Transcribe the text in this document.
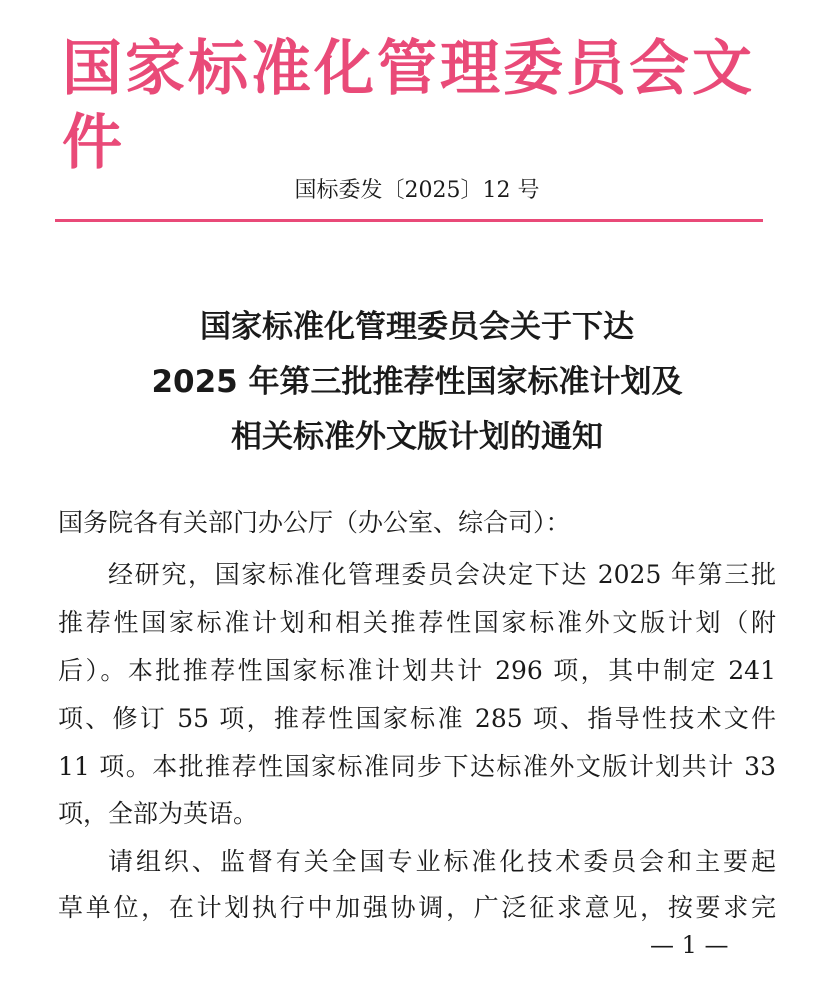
国家标准化管理委员会文件
国标委发〔2025〕12 号
国家标准化管理委员会关于下达
2025 年第三批推荐性国家标准计划及
相关标准外文版计划的通知
国务院各有关部门办公厅（办公室、综合司）：
经研究，国家标准化管理委员会决定下达 2025 年第三批
推荐性国家标准计划和相关推荐性国家标准外文版计划（附
后）。本批推荐性国家标准计划共计 296 项，其中制定 241
项、修订 55 项，推荐性国家标准 285 项、指导性技术文件
11 项。本批推荐性国家标准同步下达标准外文版计划共计 33
项，全部为英语。
请组织、监督有关全国专业标准化技术委员会和主要起
草单位，在计划执行中加强协调，广泛征求意见，按要求完
— 1 —
